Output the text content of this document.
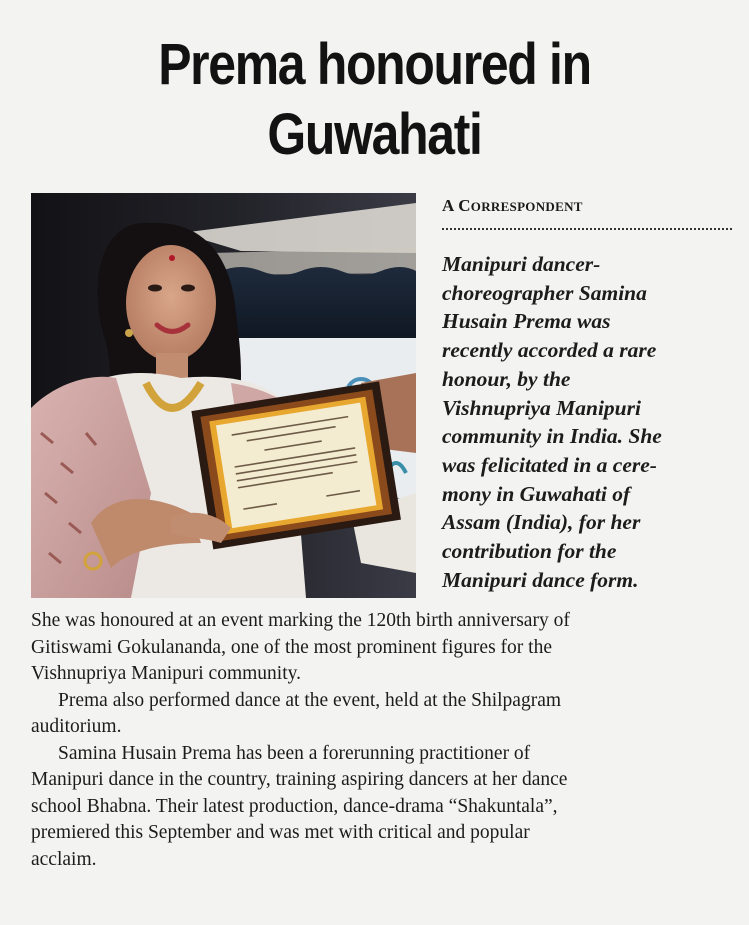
Prema honoured in
Guwahati
A CORRESPONDENT

Manipuri dancer-
choreographer Samina
Husain Prema was
recently accorded a rare
honour, by the
Vishnupriya Manipuri
community in India. She
was felicitated in a cere-
mony in Guwahati of
Assam (India), for her
contribution for the
Manipuri dance form.

She was honoured at an event marking the 120th birth anniversary of
Gitiswami Gokulananda, one of the most prominent figures for the
Vishnupriya Manipuri community.

Prema also performed dance at the event, held at the Shilpagram
auditorium.

Samina Husain Prema has been a forerunning practitioner of
Manipuri dance in the country, training aspiring dancers at her dance
school Bhabna. Their latest production, dance-drama “Shakuntala”,
premiered this September and was met with critical and popular
acclaim.
